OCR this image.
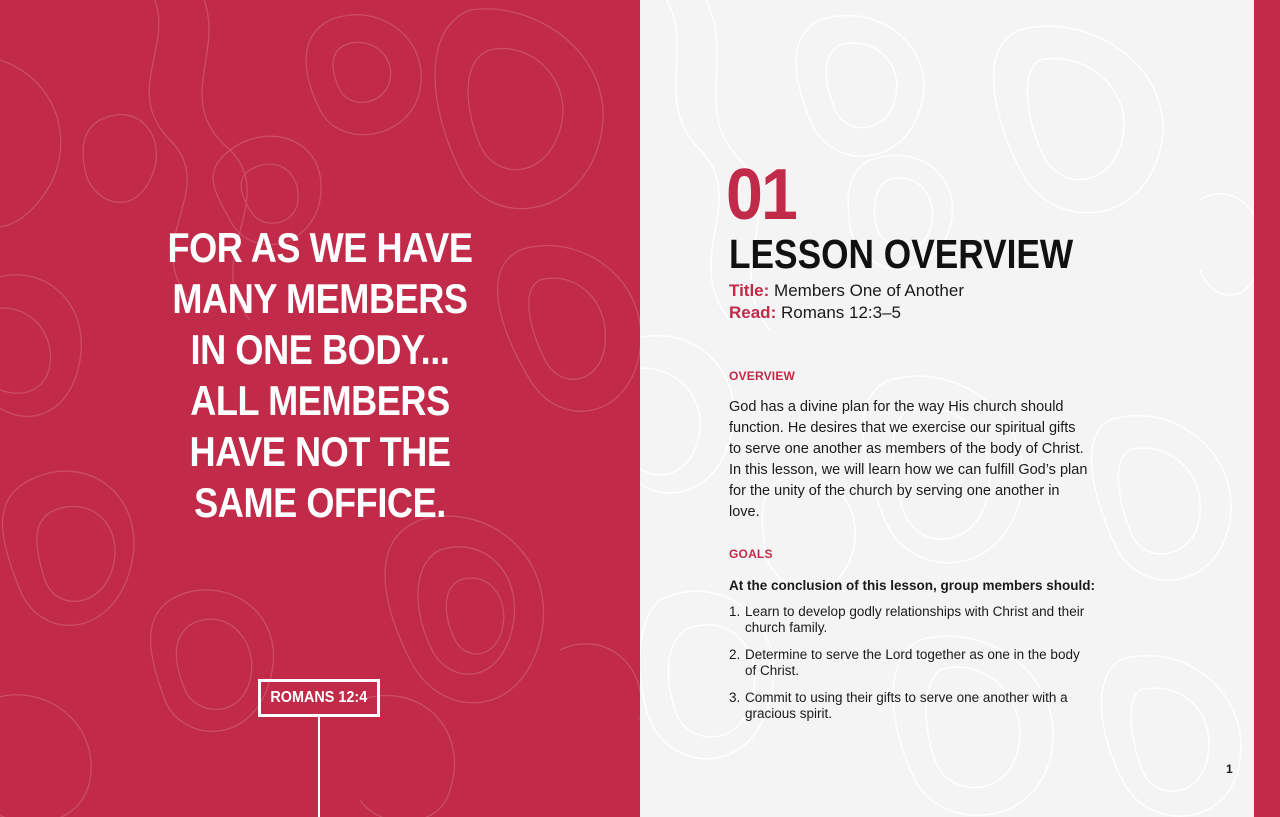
FOR AS WE HAVE
MANY MEMBERS
IN ONE BODY...
ALL MEMBERS
HAVE NOT THE
SAME OFFICE.
ROMANS 12:4
01
LESSON OVERVIEW
Title: Members One of Another
Read: Romans 12:3–5
OVERVIEW

God has a divine plan for the way His church should function. He desires that we exercise our spiritual gifts to serve one another as members of the body of Christ. In this lesson, we will learn how we can fulfill God’s plan for the unity of the church by serving one another in love.

GOALS

At the conclusion of this lesson, group members should:

1. Learn to develop godly relationships with Christ and their church family.
2. Determine to serve the Lord together as one in the body of Christ.
3. Commit to using their gifts to serve one another with a gracious spirit.
1
